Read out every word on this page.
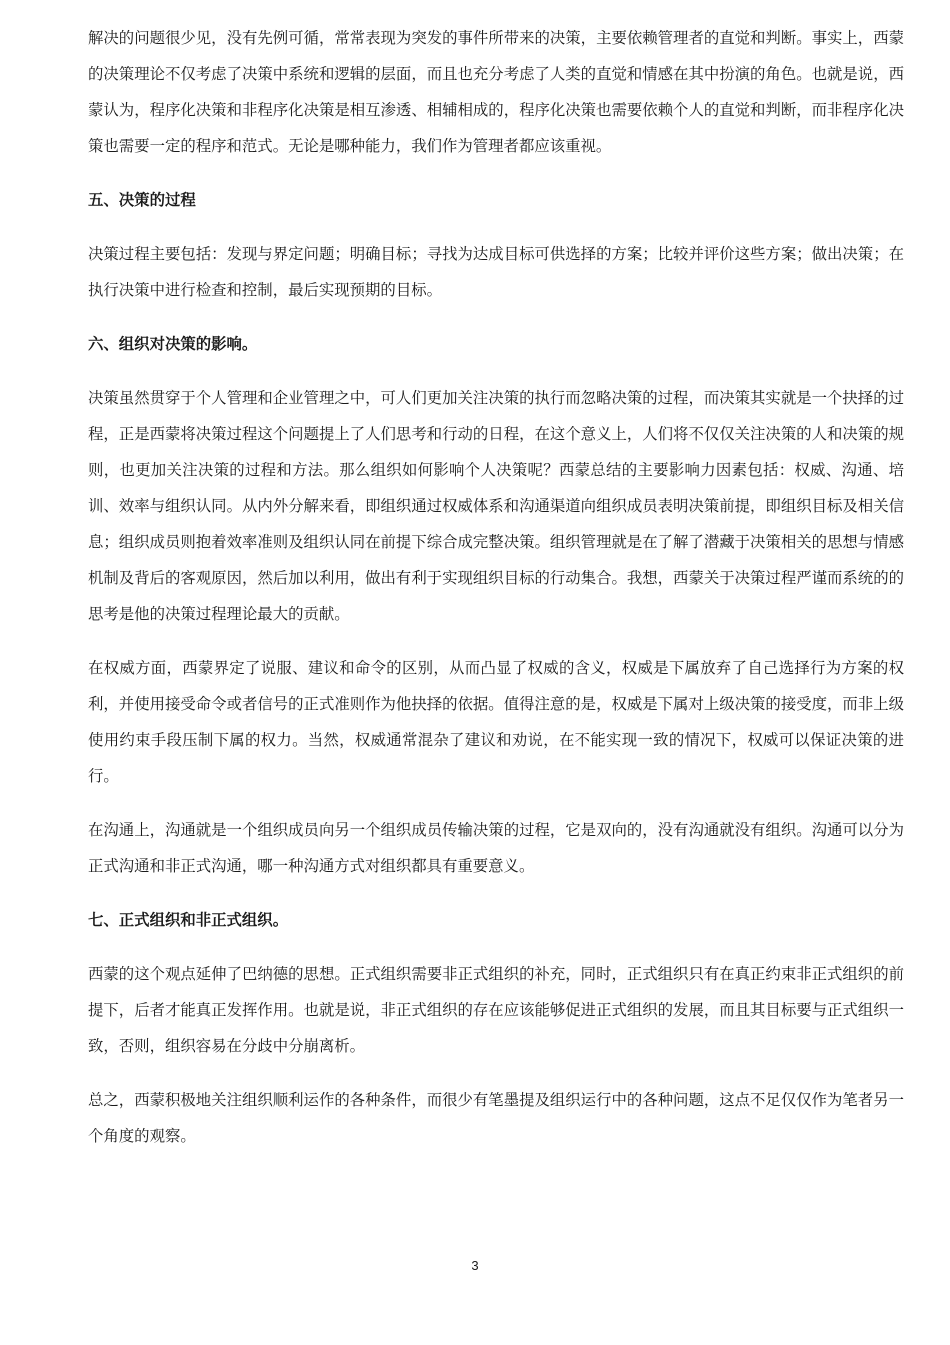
解决的问题很少见，没有先例可循，常常表现为突发的事件所带来的决策，主要依赖管理者的直觉和判断。事实上，西蒙的决策理论不仅考虑了决策中系统和逻辑的层面，而且也充分考虑了人类的直觉和情感在其中扮演的角色。也就是说，西蒙认为，程序化决策和非程序化决策是相互渗透、相辅相成的，程序化决策也需要依赖个人的直觉和判断，而非程序化决策也需要一定的程序和范式。无论是哪种能力，我们作为管理者都应该重视。

五、决策的过程

决策过程主要包括：发现与界定问题；明确目标；寻找为达成目标可供选择的方案；比较并评价这些方案；做出决策；在执行决策中进行检查和控制，最后实现预期的目标。

六、组织对决策的影响。

决策虽然贯穿于个人管理和企业管理之中，可人们更加关注决策的执行而忽略决策的过程，而决策其实就是一个抉择的过程，正是西蒙将决策过程这个问题提上了人们思考和行动的日程，在这个意义上，人们将不仅仅关注决策的人和决策的规则，也更加关注决策的过程和方法。那么组织如何影响个人决策呢？西蒙总结的主要影响力因素包括：权威、沟通、培训、效率与组织认同。从内外分解来看，即组织通过权威体系和沟通渠道向组织成员表明决策前提，即组织目标及相关信息；组织成员则抱着效率准则及组织认同在前提下综合成完整决策。组织管理就是在了解了潜藏于决策相关的思想与情感机制及背后的客观原因，然后加以利用，做出有利于实现组织目标的行动集合。我想，西蒙关于决策过程严谨而系统的的思考是他的决策过程理论最大的贡献。

在权威方面，西蒙界定了说服、建议和命令的区别，从而凸显了权威的含义，权威是下属放弃了自己选择行为方案的权利，并使用接受命令或者信号的正式准则作为他抉择的依据。值得注意的是，权威是下属对上级决策的接受度，而非上级使用约束手段压制下属的权力。当然，权威通常混杂了建议和劝说，在不能实现一致的情况下，权威可以保证决策的进行。

在沟通上，沟通就是一个组织成员向另一个组织成员传输决策的过程，它是双向的，没有沟通就没有组织。沟通可以分为正式沟通和非正式沟通，哪一种沟通方式对组织都具有重要意义。

七、正式组织和非正式组织。

西蒙的这个观点延伸了巴纳德的思想。正式组织需要非正式组织的补充，同时，正式组织只有在真正约束非正式组织的前提下，后者才能真正发挥作用。也就是说，非正式组织的存在应该能够促进正式组织的发展，而且其目标要与正式组织一致，否则，组织容易在分歧中分崩离析。

总之，西蒙积极地关注组织顺利运作的各种条件，而很少有笔墨提及组织运行中的各种问题，这点不足仅仅作为笔者另一个角度的观察。

3
